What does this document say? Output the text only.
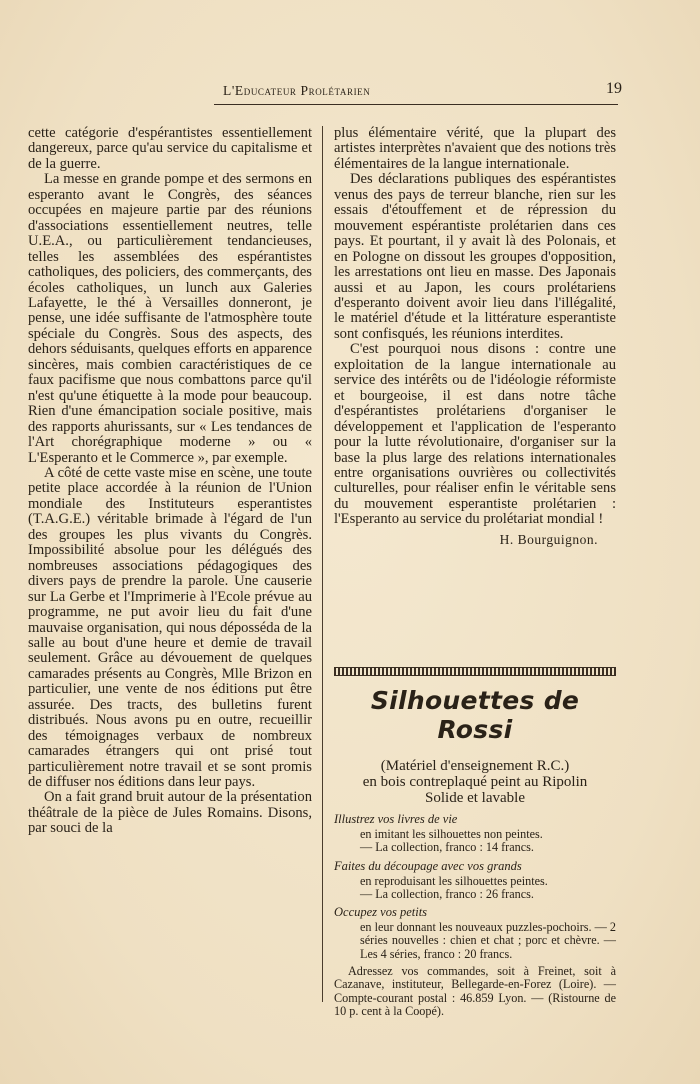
L'Educateur Prolétarien	19

cette catégorie d'espérantistes essentiellement dangereux, parce qu'au service du capitalisme et de la guerre.

La messe en grande pompe et des sermons en esperanto avant le Congrès, des séances occupées en majeure partie par des réunions d'associations essentiellement neutres, telle U.E.A., ou particulièrement tendancieuses, telles les assemblées des espérantistes catholiques, des policiers, des commerçants, des écoles catholiques, un lunch aux Galeries Lafayette, le thé à Versailles donneront, je pense, une idée suffisante de l'atmosphère toute spéciale du Congrès. Sous des aspects, des dehors séduisants, quelques efforts en apparence sincères, mais combien caractéristiques de ce faux pacifisme que nous combattons parce qu'il n'est qu'une étiquette à la mode pour beaucoup. Rien d'une émancipation sociale positive, mais des rapports ahurissants, sur « Les tendances de l'Art chorégraphique moderne » ou « L'Esperanto et le Commerce », par exemple.

A côté de cette vaste mise en scène, une toute petite place accordée à la réunion de l'Union mondiale des Instituteurs esperantistes (T.A.G.E.) véritable brimade à l'égard de l'un des groupes les plus vivants du Congrès. Impossibilité absolue pour les délégués des nombreuses associations pédagogiques des divers pays de prendre la parole. Une causerie sur La Gerbe et l'Imprimerie à l'Ecole prévue au programme, ne put avoir lieu du fait d'une mauvaise organisation, qui nous déposséda de la salle au bout d'une heure et demie de travail seulement. Grâce au dévouement de quelques camarades présents au Congrès, Mlle Brizon en particulier, une vente de nos éditions put être assurée. Des tracts, des bulletins furent distribués. Nous avons pu en outre, recueillir des témoignages verbaux de nombreux camarades étrangers qui ont prisé tout particulièrement notre travail et se sont promis de diffuser nos éditions dans leur pays.

On a fait grand bruit autour de la présentation théâtrale de la pièce de Jules Romains. Disons, par souci de la

plus élémentaire vérité, que la plupart des artistes interprètes n'avaient que des notions très élémentaires de la langue internationale.

Des déclarations publiques des espérantistes venus des pays de terreur blanche, rien sur les essais d'étouffement et de répression du mouvement espérantiste prolétarien dans ces pays. Et pourtant, il y avait là des Polonais, et en Pologne on dissout les groupes d'opposition, les arrestations ont lieu en masse. Des Japonais aussi et au Japon, les cours prolétariens d'esperanto doivent avoir lieu dans l'illégalité, le matériel d'étude et la littérature esperantiste sont confisqués, les réunions interdites.

C'est pourquoi nous disons : contre une exploitation de la langue internationale au service des intérêts ou de l'idéologie réformiste et bourgeoise, il est dans notre tâche d'espérantistes prolétariens d'organiser le développement et l'application de l'esperanto pour la lutte révolutionaire, d'organiser sur la base la plus large des relations internationales entre organisations ouvrières ou collectivités culturelles, pour réaliser enfin le véritable sens du mouvement esperantiste prolétarien : l'Esperanto au service du prolétariat mondial !

H. Bourguignon.
Silhouettes de Rossi
(Matériel d'enseignement R.C.)
en bois contreplaqué peint au Ripolin
Solide et lavable
Illustrez vos livres de vie
en imitant les silhouettes non peintes.
— La collection, franco : 14 francs.
Faites du découpage avec vos grands
en reproduisant les silhouettes peintes.
— La collection, franco : 26 francs.
Occupez vos petits
en leur donnant les nouveaux puzzles-pochoirs. — 2 séries nouvelles : chien et chat ; porc et chèvre. — Les 4 séries, franco : 20 francs.
Adressez vos commandes, soit à Freinet, soit à Cazanave, instituteur, Bellegarde-en-Forez (Loire). — Compte-courant postal : 46.859 Lyon. — (Ristourne de 10 p. cent à la Coopé).
